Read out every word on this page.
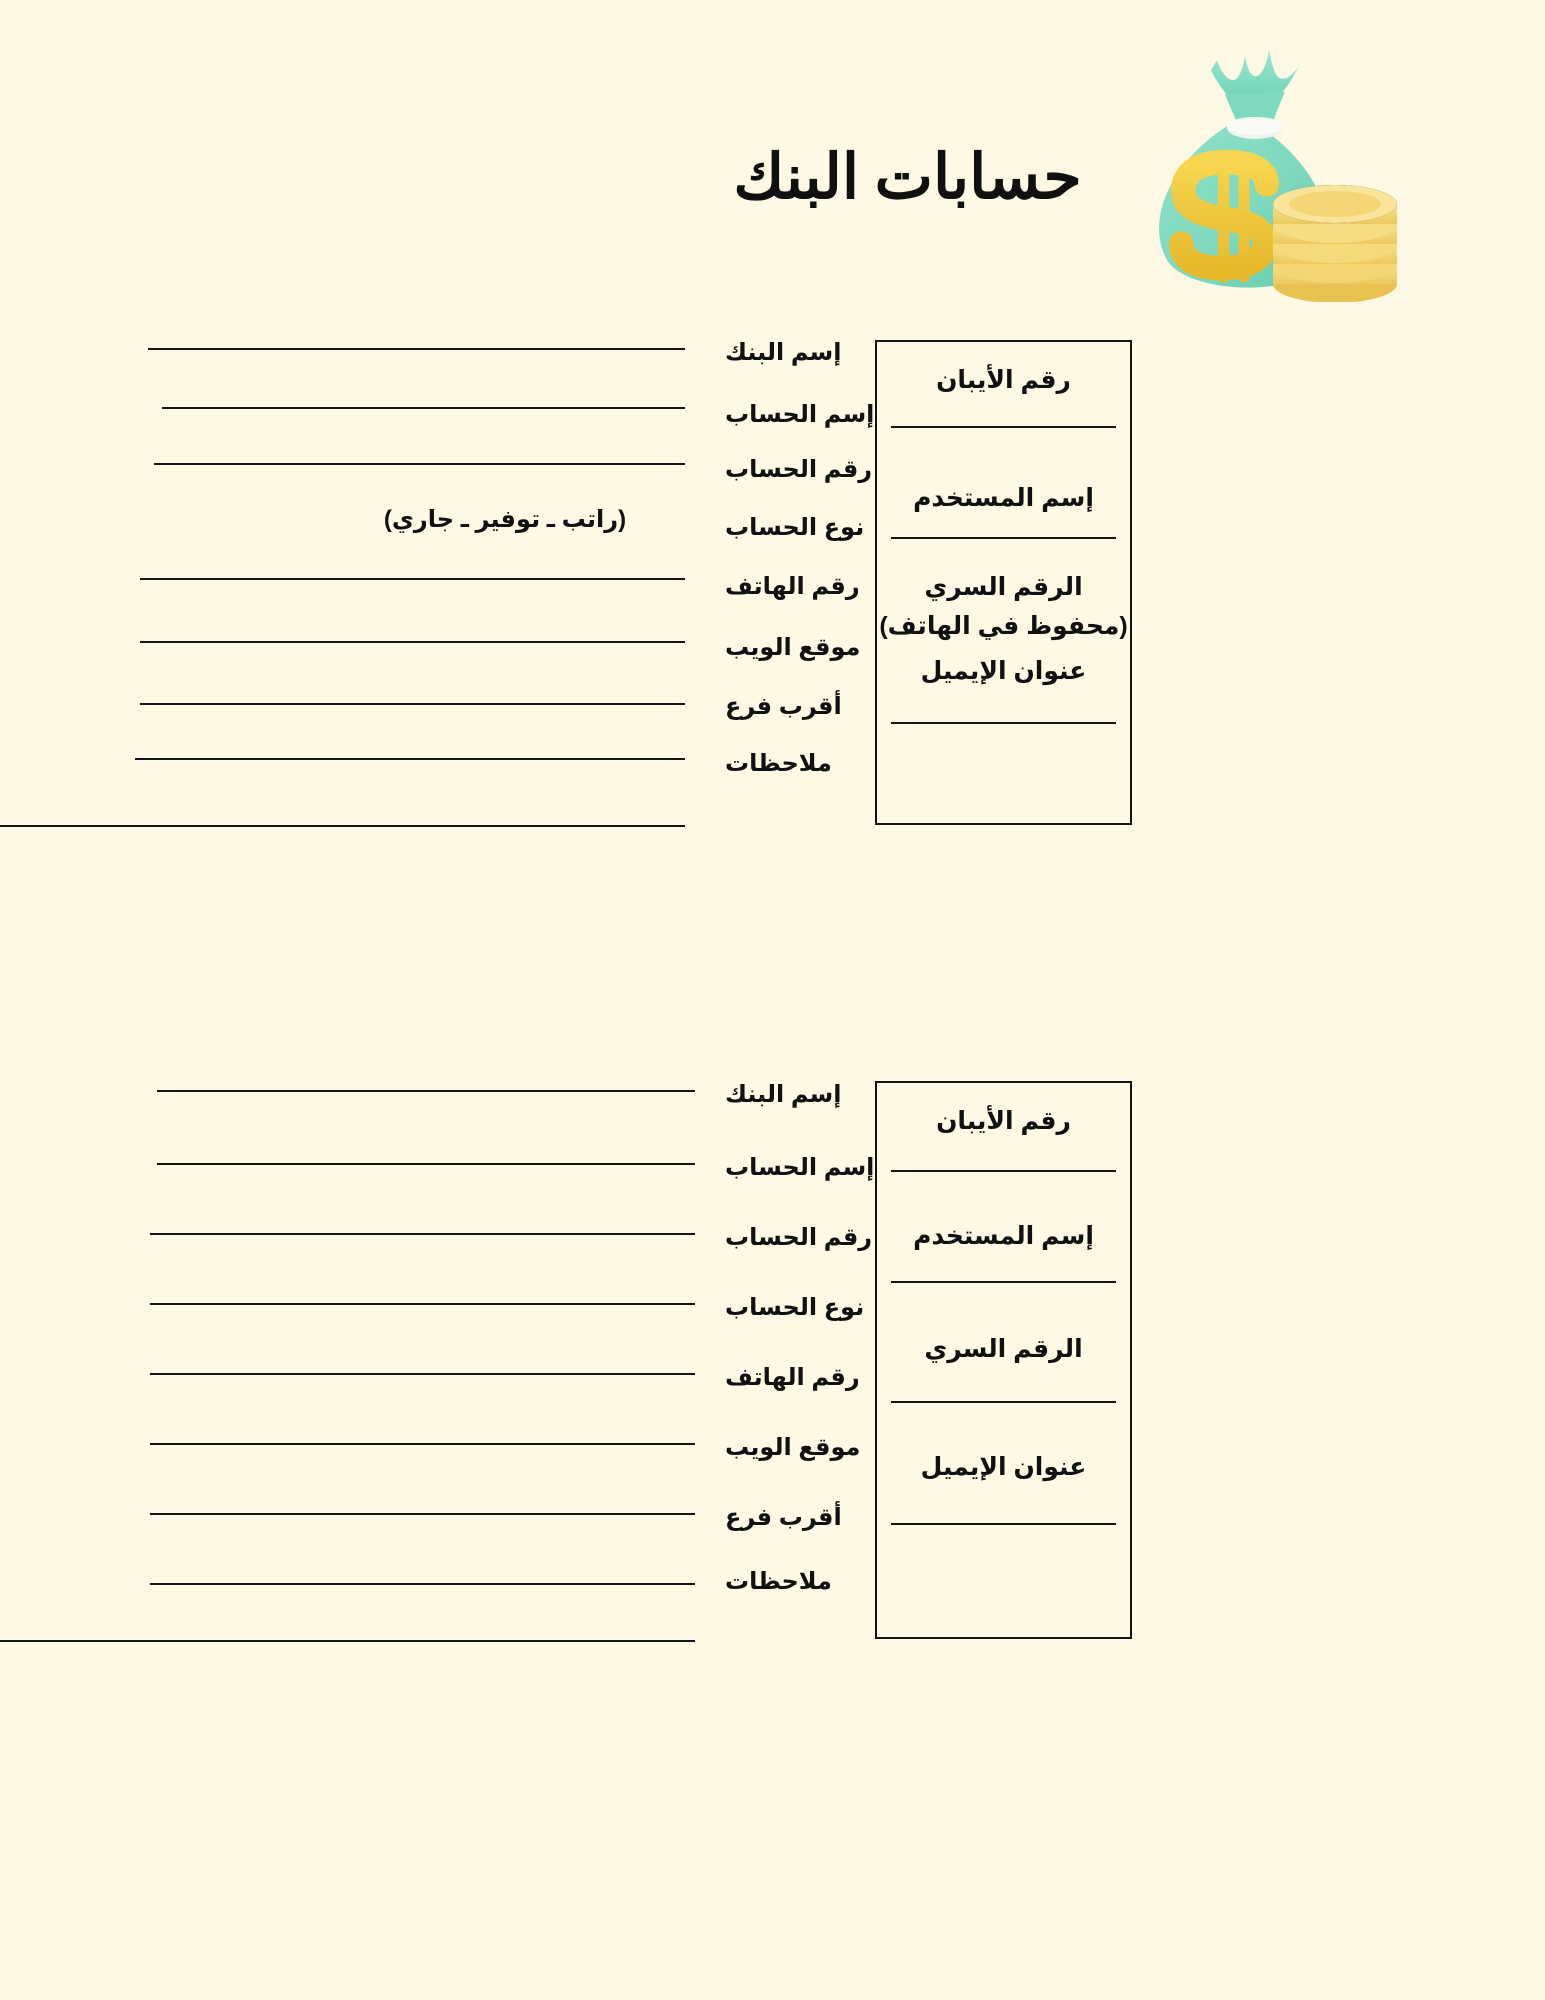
حسابات البنك
إسم البنك
إسم الحساب
رقم الحساب
نوع الحساب
رقم الهاتف
موقع الويب
أقرب فرع
ملاحظات
(راتب ـ توفير ـ جاري)
رقم الأيبان
إسم المستخدم
الرقم السري
(محفوظ في الهاتف)
عنوان الإيميل
إسم البنك
إسم الحساب
رقم الحساب
نوع الحساب
رقم الهاتف
موقع الويب
أقرب فرع
ملاحظات
رقم الأيبان
إسم المستخدم
الرقم السري
عنوان الإيميل
